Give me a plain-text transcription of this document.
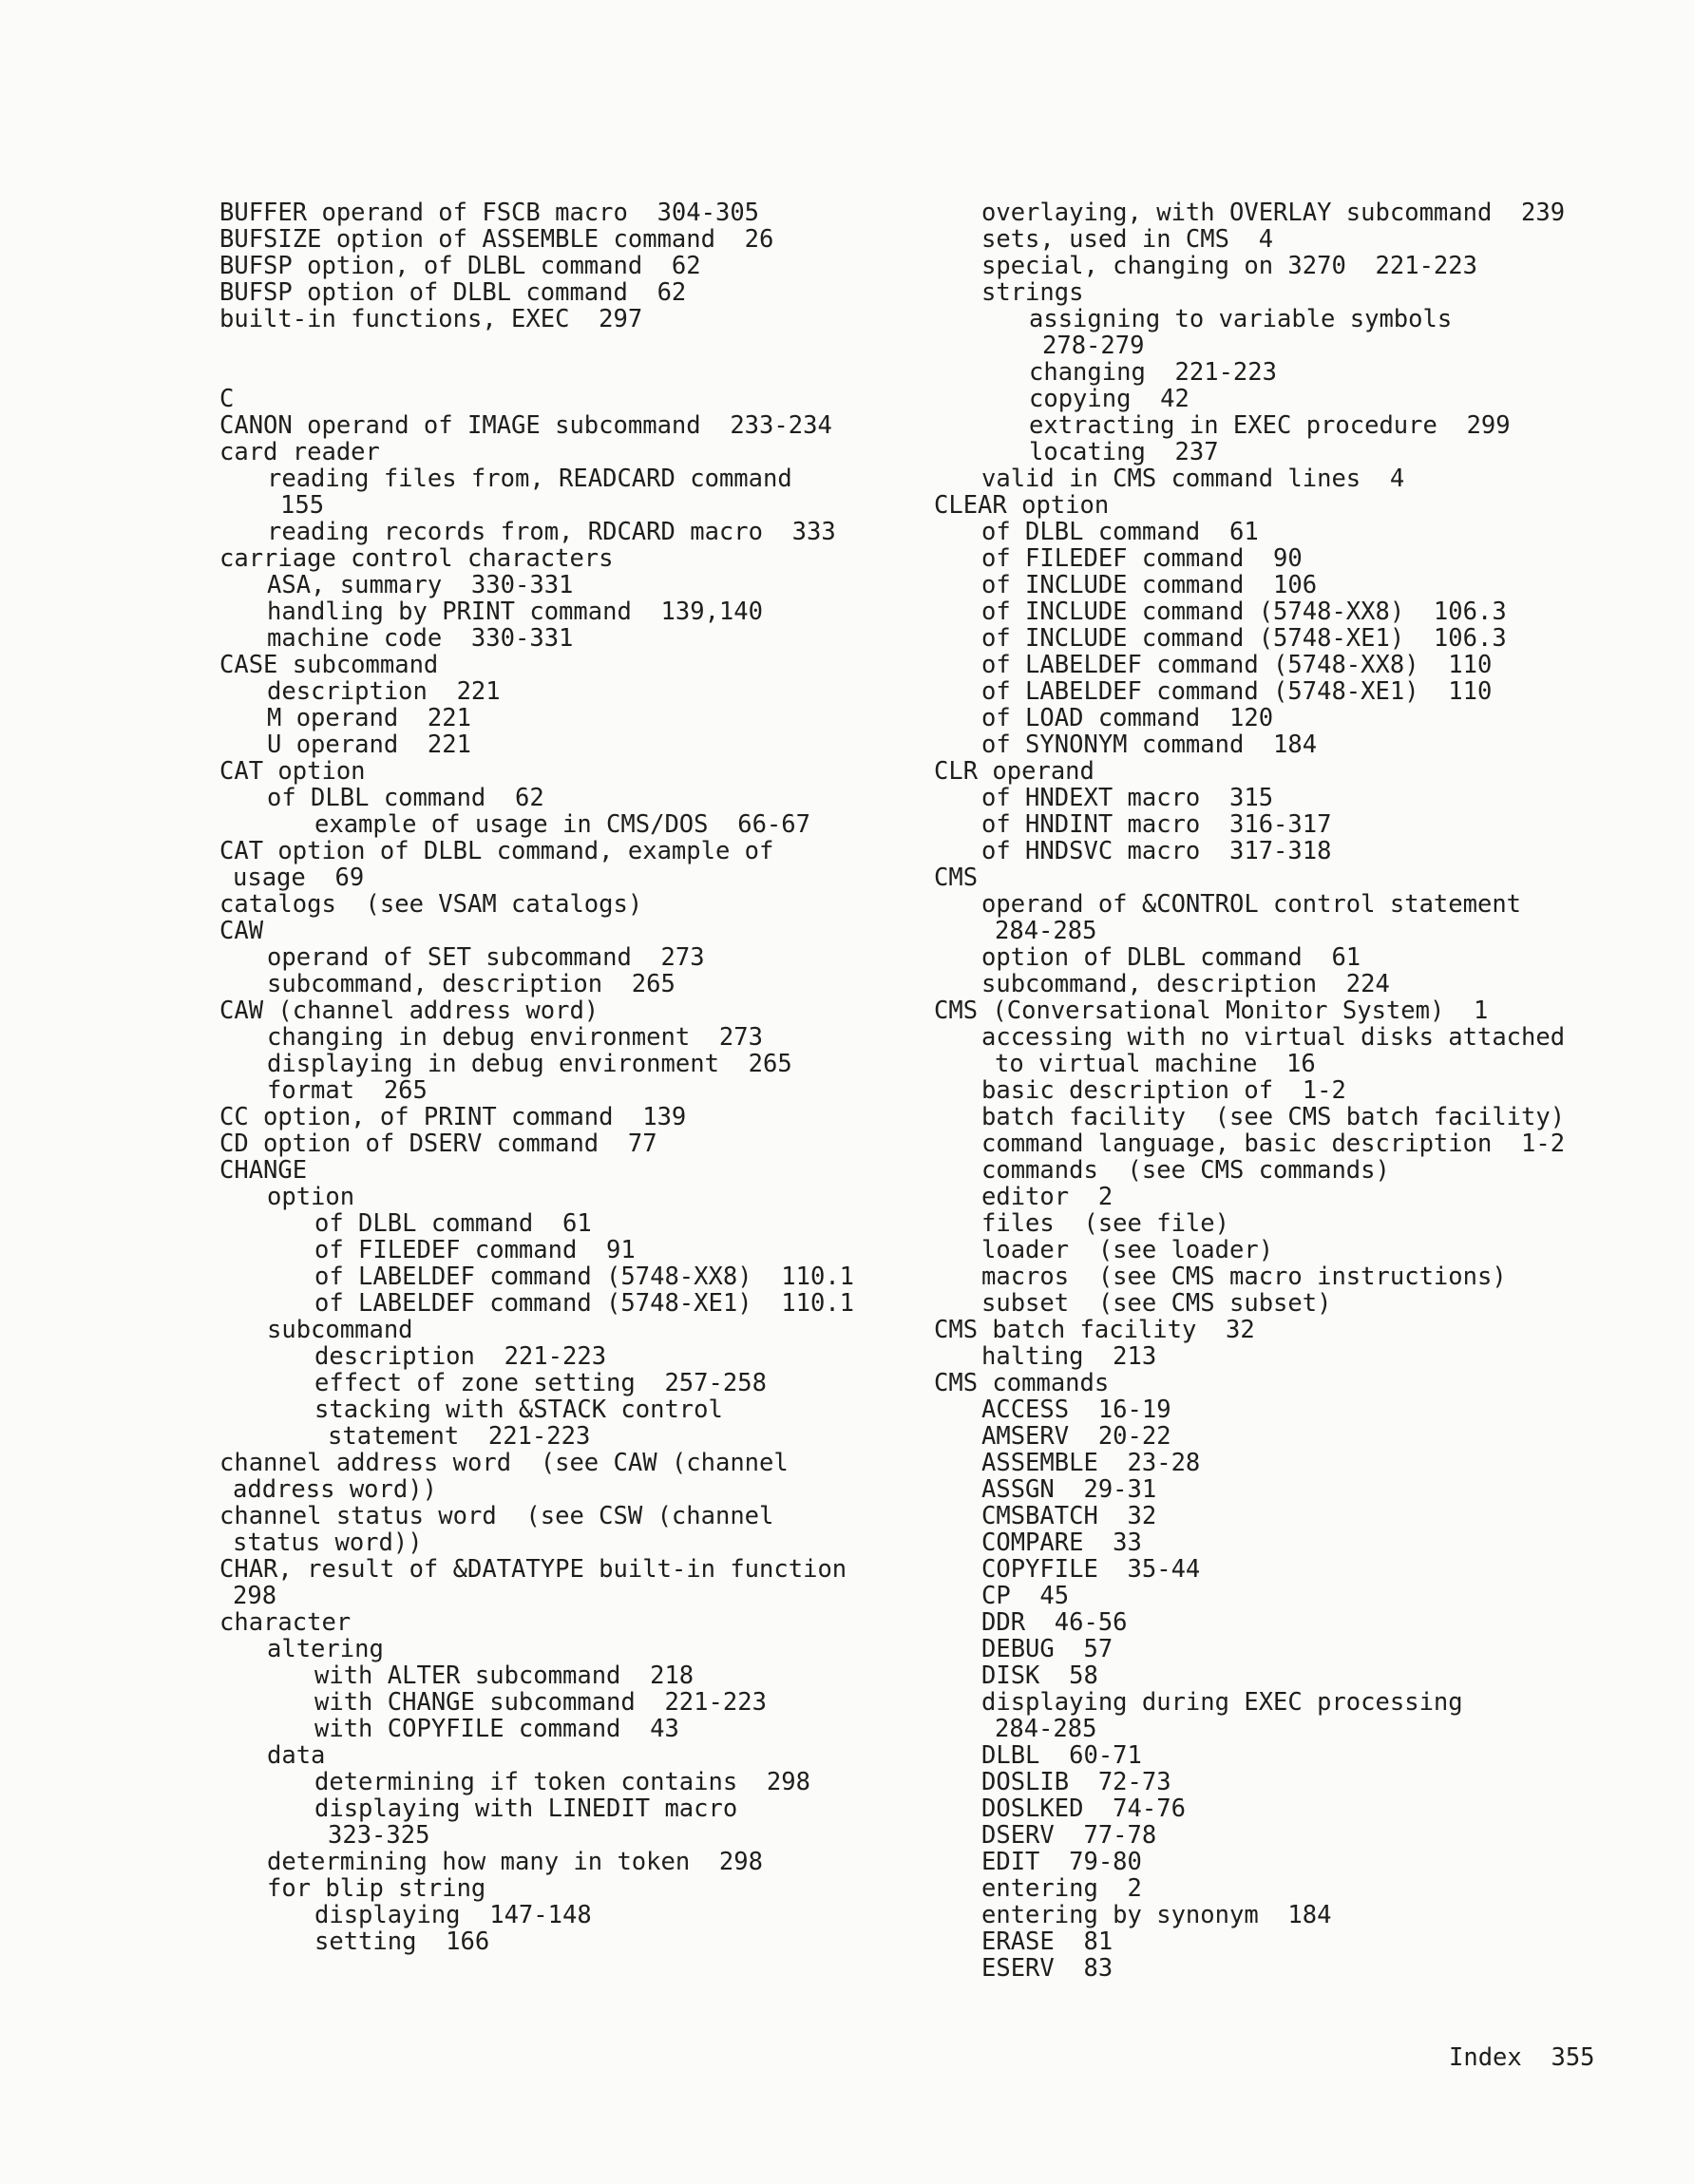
BUFFER operand of FSCB macro  304-305
BUFSIZE option of ASSEMBLE command  26
BUFSP option, of DLBL command  62
BUFSP option of DLBL command  62
built-in functions, EXEC  297
C
CANON operand of IMAGE subcommand  233-234
card reader
reading files from, READCARD command
155
reading records from, RDCARD macro  333
carriage control characters
ASA, summary  330-331
handling by PRINT command  139,140
machine code  330-331
CASE subcommand
description  221
M operand  221
U operand  221
CAT option
of DLBL command  62
example of usage in CMS/DOS  66-67
CAT option of DLBL command, example of
usage  69
catalogs  (see VSAM catalogs)
CAW
operand of SET subcommand  273
subcommand, description  265
CAW (channel address word)
changing in debug environment  273
displaying in debug environment  265
format  265
CC option, of PRINT command  139
CD option of DSERV command  77
CHANGE
option
of DLBL command  61
of FILEDEF command  91
of LABELDEF command (5748-XX8)  110.1
of LABELDEF command (5748-XE1)  110.1
subcommand
description  221-223
effect of zone setting  257-258
stacking with &STACK control
statement  221-223
channel address word  (see CAW (channel
address word))
channel status word  (see CSW (channel
status word))
CHAR, result of &DATATYPE built-in function
298
character
altering
with ALTER subcommand  218
with CHANGE subcommand  221-223
with COPYFILE command  43
data
determining if token contains  298
displaying with LINEDIT macro
323-325
determining how many in token  298
for blip string
displaying  147-148
setting  166
overlaying, with OVERLAY subcommand  239
sets, used in CMS  4
special, changing on 3270  221-223
strings
assigning to variable symbols
278-279
changing  221-223
copying  42
extracting in EXEC procedure  299
locating  237
valid in CMS command lines  4
CLEAR option
of DLBL command  61
of FILEDEF command  90
of INCLUDE command  106
of INCLUDE command (5748-XX8)  106.3
of INCLUDE command (5748-XE1)  106.3
of LABELDEF command (5748-XX8)  110
of LABELDEF command (5748-XE1)  110
of LOAD command  120
of SYNONYM command  184
CLR operand
of HNDEXT macro  315
of HNDINT macro  316-317
of HNDSVC macro  317-318
CMS
operand of &CONTROL control statement
284-285
option of DLBL command  61
subcommand, description  224
CMS (Conversational Monitor System)  1
accessing with no virtual disks attached
to virtual machine  16
basic description of  1-2
batch facility  (see CMS batch facility)
command language, basic description  1-2
commands  (see CMS commands)
editor  2
files  (see file)
loader  (see loader)
macros  (see CMS macro instructions)
subset  (see CMS subset)
CMS batch facility  32
halting  213
CMS commands
ACCESS  16-19
AMSERV  20-22
ASSEMBLE  23-28
ASSGN  29-31
CMSBATCH  32
COMPARE  33
COPYFILE  35-44
CP  45
DDR  46-56
DEBUG  57
DISK  58
displaying during EXEC processing
284-285
DLBL  60-71
DOSLIB  72-73
DOSLKED  74-76
DSERV  77-78
EDIT  79-80
entering  2
entering by synonym  184
ERASE  81
ESERV  83
Index  355
